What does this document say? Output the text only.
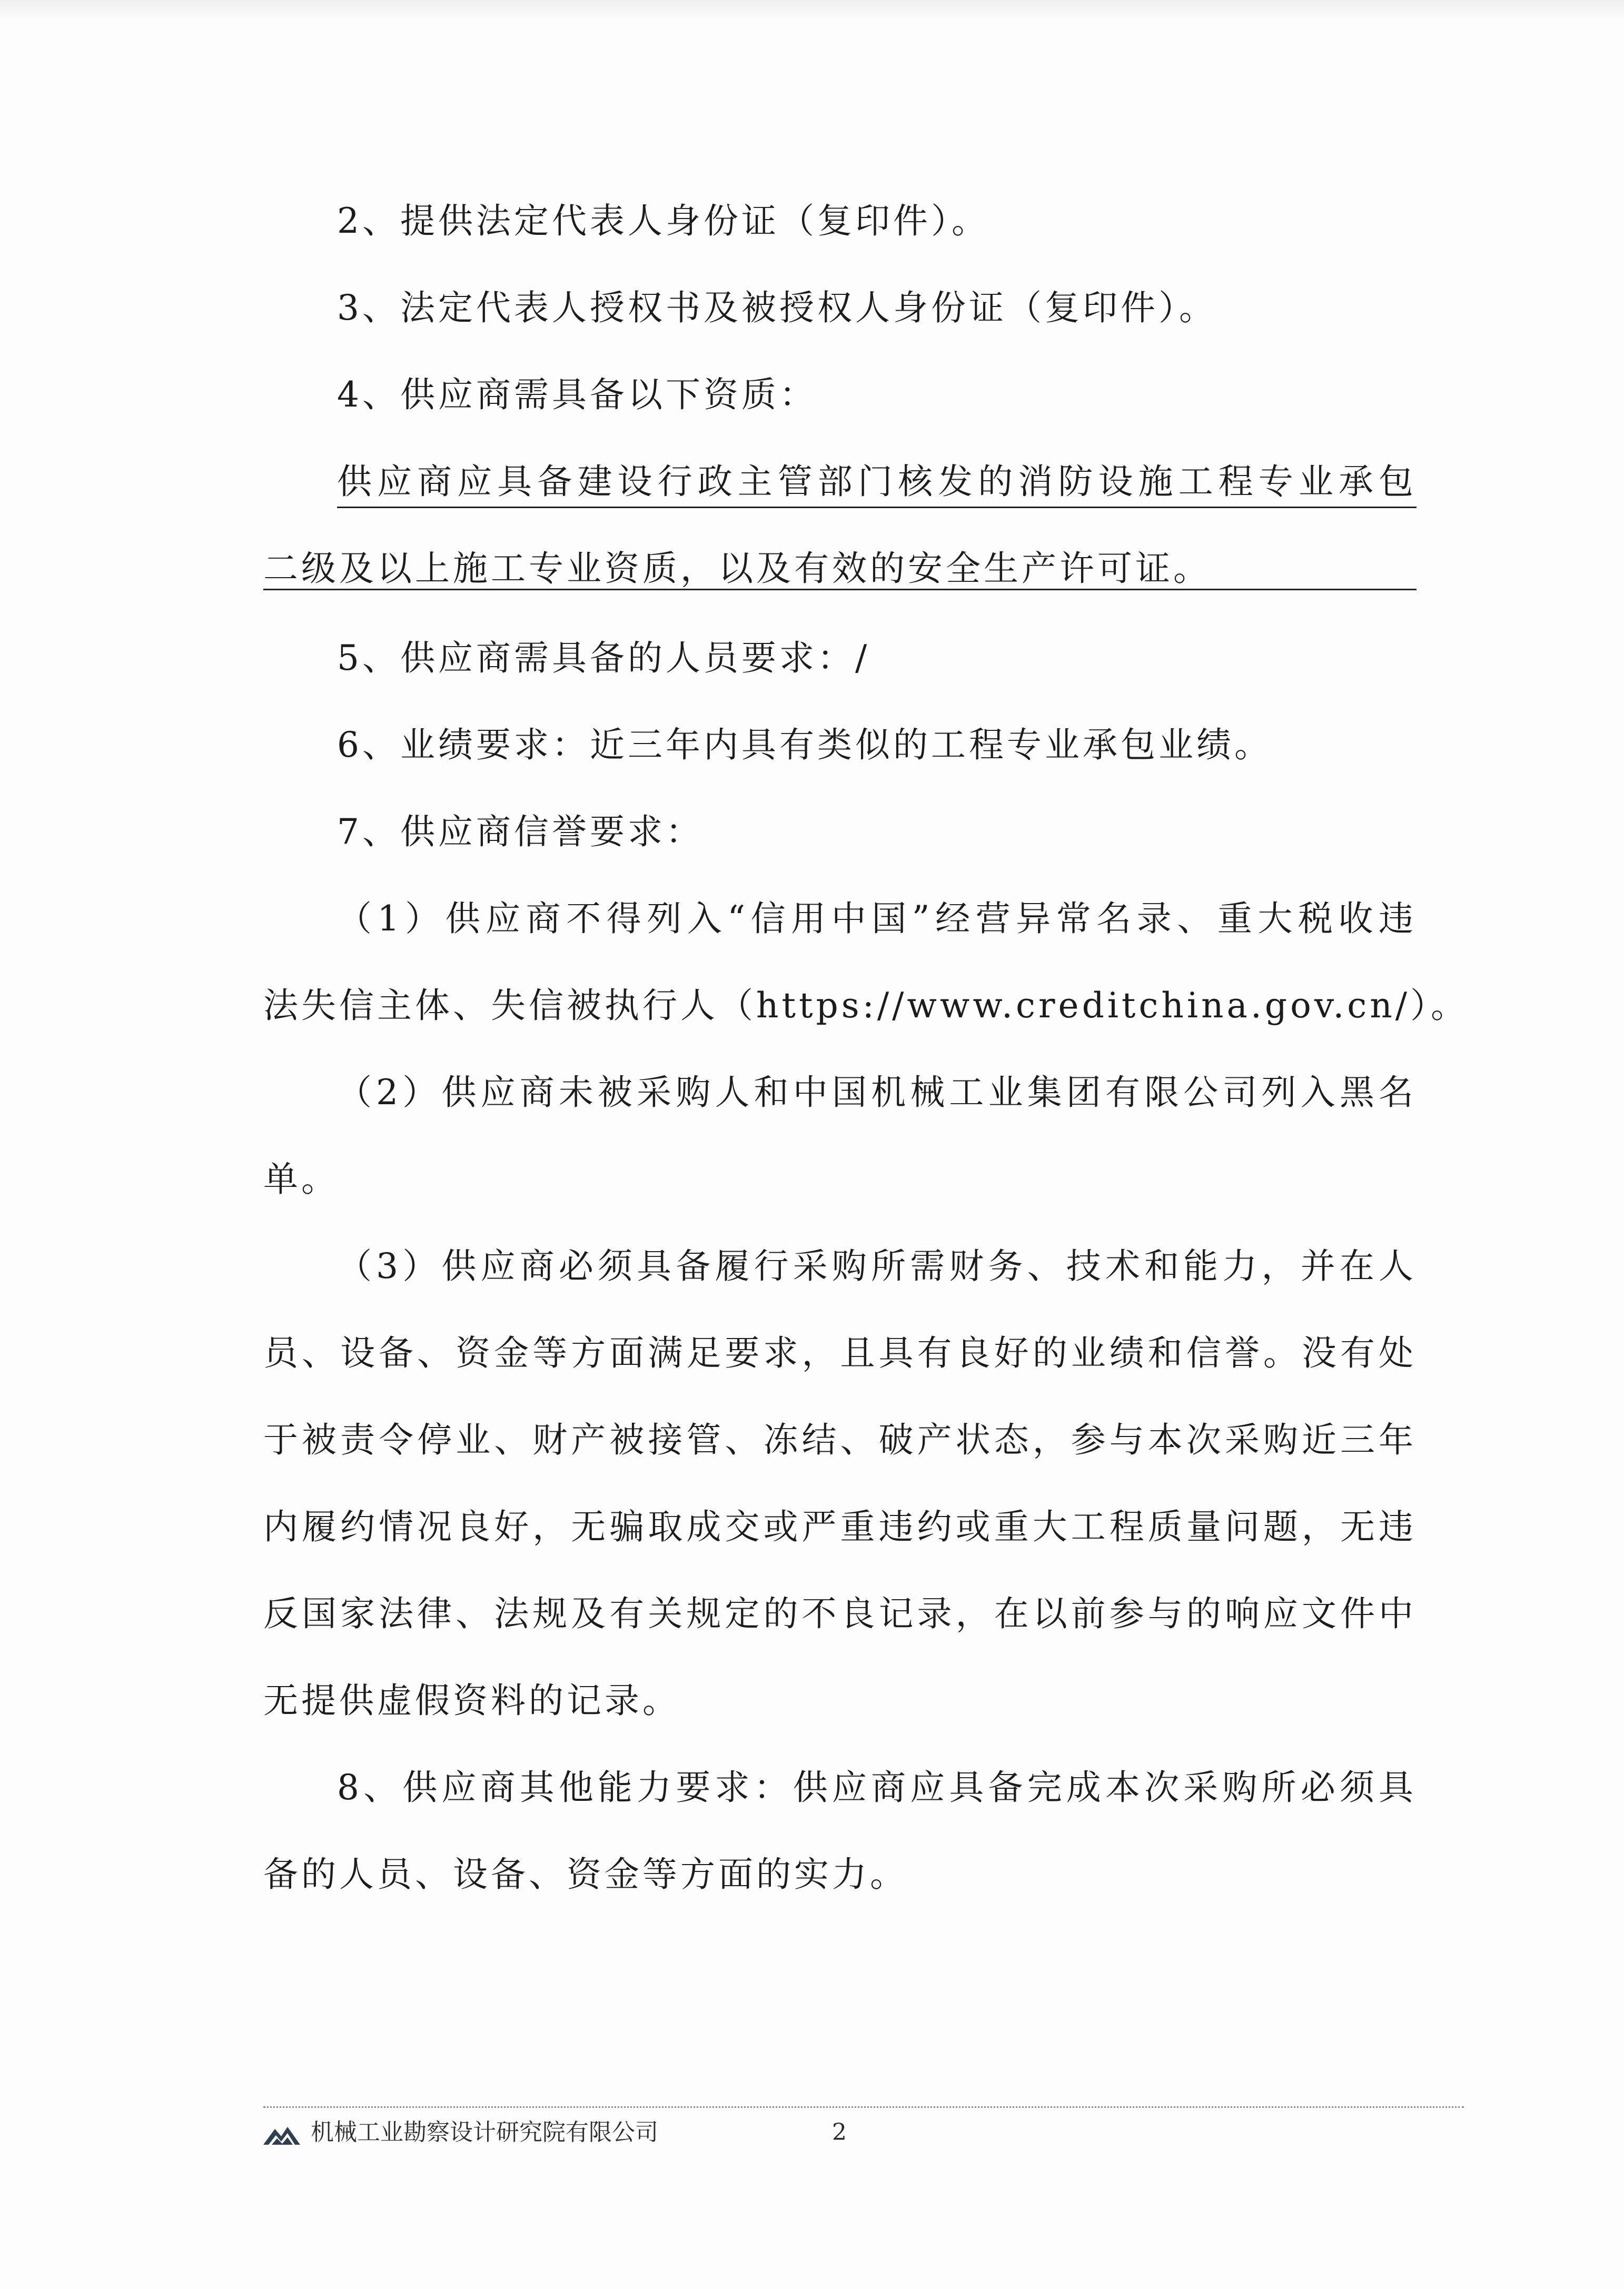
2、提供法定代表人身份证（复印件）。
3、法定代表人授权书及被授权人身份证（复印件）。
4、供应商需具备以下资质：
供应商应具备建设行政主管部门核发的消防设施工程专业承包
二级及以上施工专业资质，以及有效的安全生产许可证。
5、供应商需具备的人员要求：/
6、业绩要求：近三年内具有类似的工程专业承包业绩。
7、供应商信誉要求：
（1）供应商不得列入“信用中国”经营异常名录、重大税收违
法失信主体、失信被执行人（https://www.creditchina.gov.cn/）。
（2）供应商未被采购人和中国机械工业集团有限公司列入黑名
单。
（3）供应商必须具备履行采购所需财务、技术和能力，并在人
员、设备、资金等方面满足要求，且具有良好的业绩和信誉。没有处
于被责令停业、财产被接管、冻结、破产状态，参与本次采购近三年
内履约情况良好，无骗取成交或严重违约或重大工程质量问题，无违
反国家法律、法规及有关规定的不良记录，在以前参与的响应文件中
无提供虚假资料的记录。
8、供应商其他能力要求：供应商应具备完成本次采购所必须具
备的人员、设备、资金等方面的实力。
机械工业勘察设计研究院有限公司	2
